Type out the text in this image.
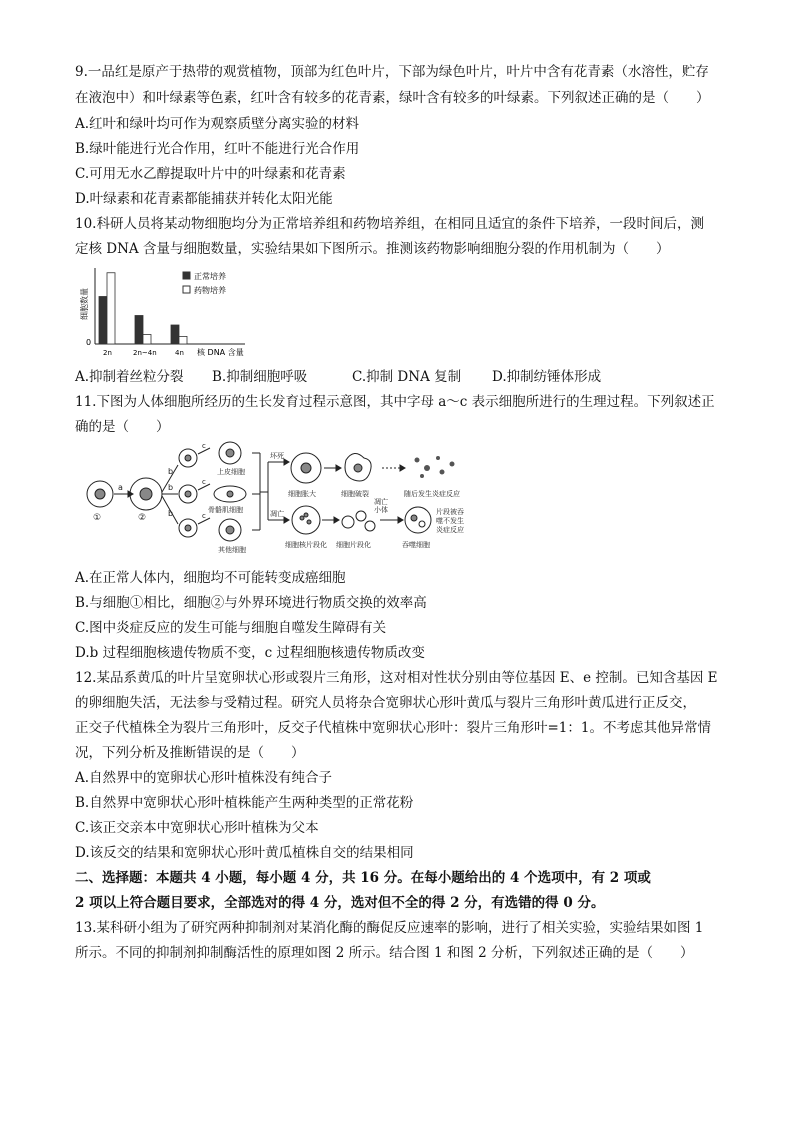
9.一品红是原产于热带的观赏植物，顶部为红色叶片，下部为绿色叶片，叶片中含有花青素（水溶性，贮存
在液泡中）和叶绿素等色素，红叶含有较多的花青素，绿叶含有较多的叶绿素。下列叙述正确的是（　　）
A.红叶和绿叶均可作为观察质壁分离实验的材料
B.绿叶能进行光合作用，红叶不能进行光合作用
C.可用无水乙醇提取叶片中的叶绿素和花青素
D.叶绿素和花青素都能捕获并转化太阳光能
10.科研人员将某动物细胞均分为正常培养组和药物培养组，在相同且适宜的条件下培养，一段时间后，测
定核 DNA 含量与细胞数量，实验结果如下图所示。推测该药物影响细胞分裂的作用机制为（　　）
细胞数量
0
2n	2n~4n	4n 核 DNA 含量
正常培养
药物培养
A.抑制着丝粒分裂 B.抑制细胞呼吸	C.抑制 DNA 复制 D.抑制纺锤体形成
11.下图为人体细胞所经历的生长发育过程示意图，其中字母 a～c 表示细胞所进行的生理过程。下列叙述正
确的是（　　）
①
a
②
b
b
b
c
c
c
上皮细胞
骨骼肌细胞
其他细胞
坏死
凋亡
细胞胀大	细胞破裂	随后发生炎症反应
细胞核片段化 细胞片段化
凋亡
小体
吞噬细胞
片段被吞
噬不发生
炎症反应
A.在正常人体内，细胞均不可能转变成癌细胞
B.与细胞①相比，细胞②与外界环境进行物质交换的效率高
C.图中炎症反应的发生可能与细胞自噬发生障碍有关
D.b 过程细胞核遗传物质不变，c 过程细胞核遗传物质改变
12.某品系黄瓜的叶片呈宽卵状心形或裂片三角形，这对相对性状分别由等位基因 E、e 控制。已知含基因 E
的卵细胞失活，无法参与受精过程。研究人员将杂合宽卵状心形叶黄瓜与裂片三角形叶黄瓜进行正反交，
正交子代植株全为裂片三角形叶，反交子代植株中宽卵状心形叶：裂片三角形叶=1：1。不考虑其他异常情
况，下列分析及推断错误的是（　　）
A.自然界中的宽卵状心形叶植株没有纯合子
B.自然界中宽卵状心形叶植株能产生两种类型的正常花粉
C.该正交亲本中宽卵状心形叶植株为父本
D.该反交的结果和宽卵状心形叶黄瓜植株自交的结果相同
二、选择题：本题共 4 小题，每小题 4 分，共 16 分。在每小题给出的 4 个选项中，有 2 项或
2 项以上符合题目要求，全部选对的得 4 分，选对但不全的得 2 分，有选错的得 0 分。
13.某科研小组为了研究两种抑制剂对某消化酶的酶促反应速率的影响，进行了相关实验，实验结果如图 1
所示。不同的抑制剂抑制酶活性的原理如图 2 所示。结合图 1 和图 2 分析，下列叙述正确的是（　　）
